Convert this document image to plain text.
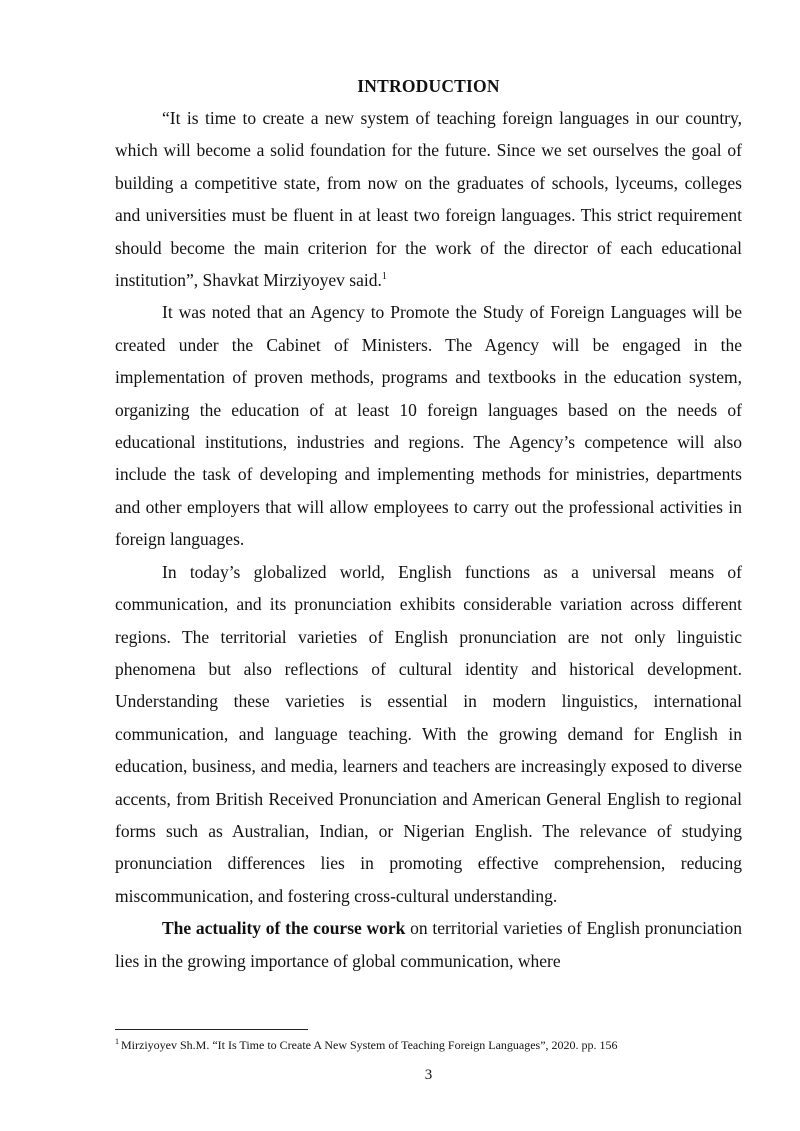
INTRODUCTION

“It is time to create a new system of teaching foreign languages in our country, which will become a solid foundation for the future. Since we set ourselves the goal of building a competitive state, from now on the graduates of schools, lyceums, colleges and universities must be fluent in at least two foreign languages. This strict requirement should become the main criterion for the work of the director of each educational institution”, Shavkat Mirziyoyev said.$^1$

It was noted that an Agency to Promote the Study of Foreign Languages will be created under the Cabinet of Ministers. The Agency will be engaged in the implementation of proven methods, programs and textbooks in the education system, organizing the education of at least 10 foreign languages based on the needs of educational institutions, industries and regions. The Agency’s competence will also include the task of developing and implementing methods for ministries, departments and other employers that will allow employees to carry out the professional activities in foreign languages.

In today’s globalized world, English functions as a universal means of communication, and its pronunciation exhibits considerable variation across different regions. The territorial varieties of English pronunciation are not only linguistic phenomena but also reflections of cultural identity and historical development. Understanding these varieties is essential in modern linguistics, international communication, and language teaching. With the growing demand for English in education, business, and media, learners and teachers are increasingly exposed to diverse accents, from British Received Pronunciation and American General English to regional forms such as Australian, Indian, or Nigerian English. The relevance of studying pronunciation differences lies in promoting effective comprehension, reducing miscommunication, and fostering cross-cultural understanding.

The actuality of the course work on territorial varieties of English pronunciation lies in the growing importance of global communication, where

$^1$ Mirziyoyev Sh.M. “It Is Time to Create A New System of Teaching Foreign Languages”, 2020. pp. 156
3
